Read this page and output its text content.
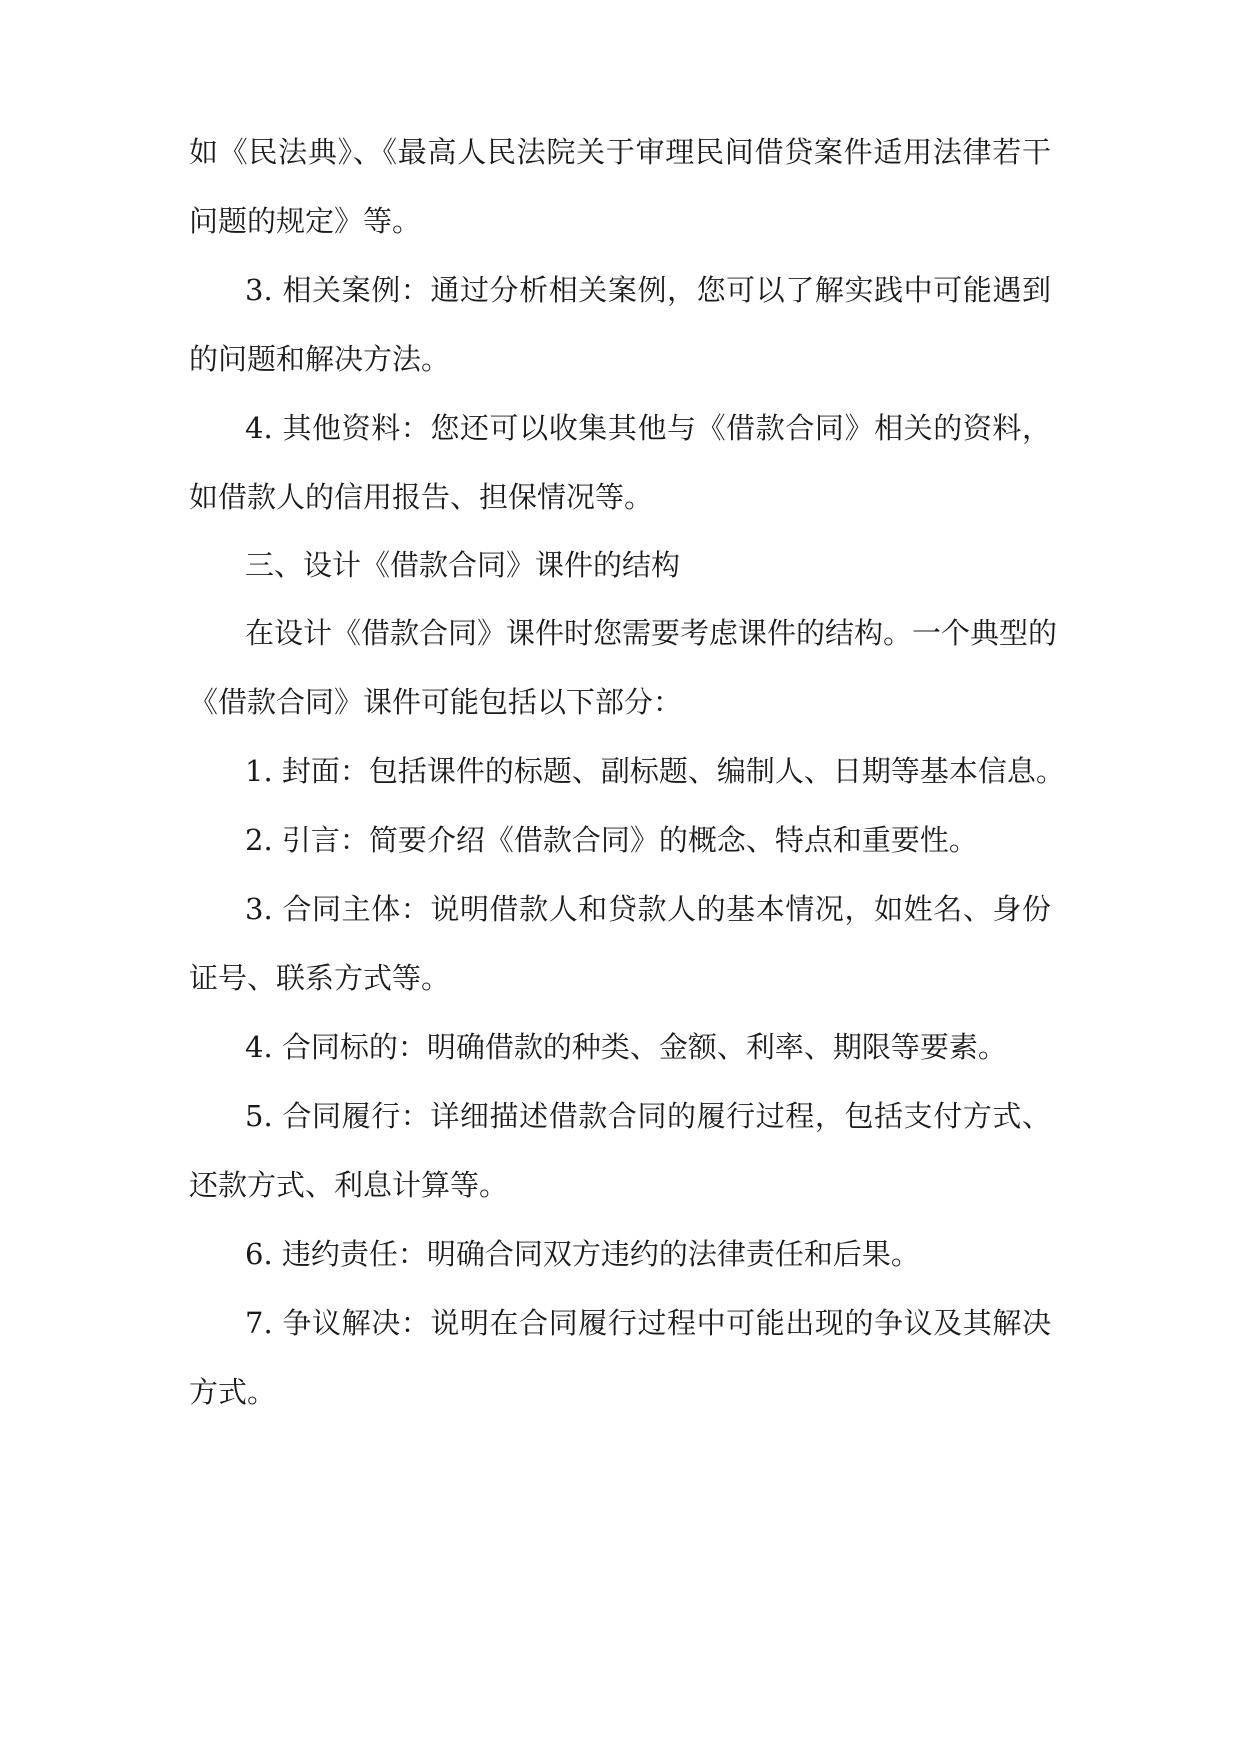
如《民法典》、《最高人民法院关于审理民间借贷案件适用法律若干

问题的规定》等。

3. 相关案例：通过分析相关案例，您可以了解实践中可能遇到

的问题和解决方法。

4. 其他资料：您还可以收集其他与《借款合同》相关的资料，

如借款人的信用报告、担保情况等。

三、设计《借款合同》课件的结构

在设计《借款合同》课件时您需要考虑课件的结构。一个典型的

《借款合同》课件可能包括以下部分：

1. 封面：包括课件的标题、副标题、编制人、日期等基本信息。

2. 引言：简要介绍《借款合同》的概念、特点和重要性。

3. 合同主体：说明借款人和贷款人的基本情况，如姓名、身份

证号、联系方式等。

4. 合同标的：明确借款的种类、金额、利率、期限等要素。

5. 合同履行：详细描述借款合同的履行过程，包括支付方式、

还款方式、利息计算等。

6. 违约责任：明确合同双方违约的法律责任和后果。

7. 争议解决：说明在合同履行过程中可能出现的争议及其解决

方式。
